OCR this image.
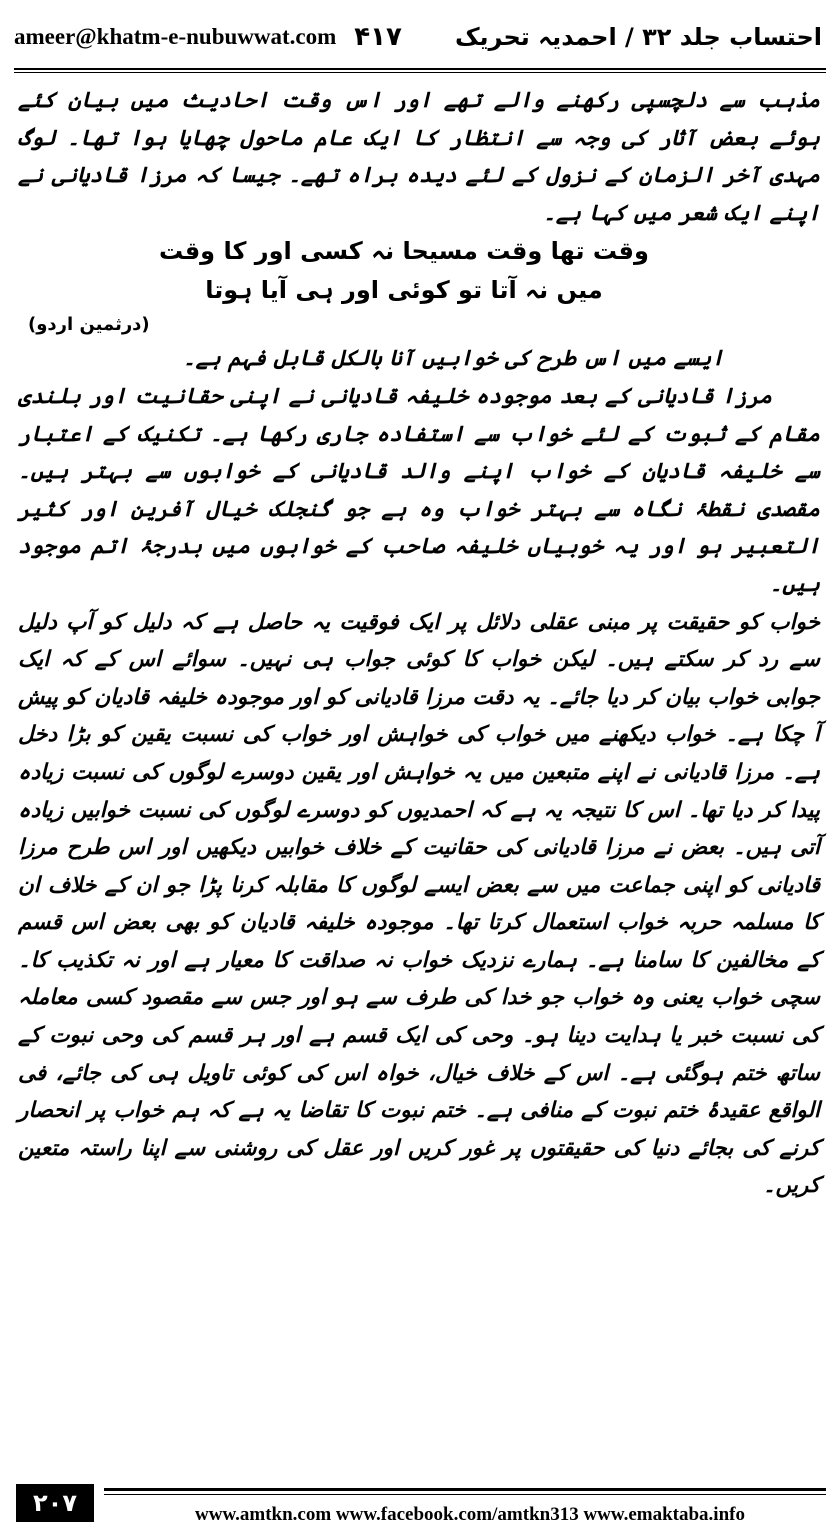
ameer@khatm-e-nubuwwat.com ۴۱۷ احتساب جلد ۳۲ / احمدیہ تحریک

مذہب سے دلچسپی رکھنے والے تھے اور اس وقت احادیث میں بیان کئے ہوئے بعض آثار کی وجہ سے انتظار کا ایک عام ماحول چھایا ہوا تھا۔ لوگ مہدی آخر الزمان کے نزول کے لئے دیدہ براہ تھے۔ جیسا کہ مرزا قادیانی نے اپنے ایک شعر میں کہا ہے۔

وقت تھا وقت مسیحا نہ کسی اور کا وقت

میں نہ آتا تو کوئی اور ہی آیا ہوتا

(درثمین اردو)

ایسے میں اس طرح کی خوابیں آنا بالکل قابل فہم ہے۔

مرزا قادیانی کے بعد موجودہ خلیفہ قادیانی نے اپنی حقانیت اور بلندی مقام کے ثبوت کے لئے خواب سے استفادہ جاری رکھا ہے۔ تکنیک کے اعتبار سے خلیفہ قادیان کے خواب اپنے والد قادیانی کے خوابوں سے بہتر ہیں۔ مقصدی نقطۂ نگاہ سے بہتر خواب وہ ہے جو گنجلک خیال آفرین اور کثیر التعبیر ہو اور یہ خوبیاں خلیفہ صاحب کے خوابوں میں بدرجۂ اتم موجود ہیں۔

خواب کو حقیقت پر مبنی عقلی دلائل پر ایک فوقیت یہ حاصل ہے کہ دلیل کو آپ دلیل سے رد کر سکتے ہیں۔ لیکن خواب کا کوئی جواب ہی نہیں۔ سوائے اس کے کہ ایک جوابی خواب بیان کر دیا جائے۔ یہ دقت مرزا قادیانی کو اور موجودہ خلیفہ قادیان کو پیش آ چکا ہے۔ خواب دیکھنے میں خواب کی خواہش اور خواب کی نسبت یقین کو بڑا دخل ہے۔ مرزا قادیانی نے اپنے متبعین میں یہ خواہش اور یقین دوسرے لوگوں کی نسبت زیادہ پیدا کر دیا تھا۔ اس کا نتیجہ یہ ہے کہ احمدیوں کو دوسرے لوگوں کی نسبت خوابیں زیادہ آتی ہیں۔ بعض نے مرزا قادیانی کی حقانیت کے خلاف خوابیں دیکھیں اور اس طرح مرزا قادیانی کو اپنی جماعت میں سے بعض ایسے لوگوں کا مقابلہ کرنا پڑا جو ان کے خلاف ان کا مسلمہ حربہ خواب استعمال کرتا تھا۔ موجودہ خلیفہ قادیان کو بھی بعض اس قسم کے مخالفین کا سامنا ہے۔ ہمارے نزدیک خواب نہ صداقت کا معیار ہے اور نہ تکذیب کا۔ سچی خواب یعنی وہ خواب جو خدا کی طرف سے ہو اور جس سے مقصود کسی معاملہ کی نسبت خبر یا ہدایت دینا ہو۔ وحی کی ایک قسم ہے اور ہر قسم کی وحی نبوت کے ساتھ ختم ہوگئی ہے۔ اس کے خلاف خیال، خواہ اس کی کوئی تاویل ہی کی جائے، فی الواقع عقیدۂ ختم نبوت کے منافی ہے۔ ختم نبوت کا تقاضا یہ ہے کہ ہم خواب پر انحصار کرنے کی بجائے دنیا کی حقیقتوں پر غور کریں اور عقل کی روشنی سے اپنا راستہ متعین کریں۔

۲۰۷	www.amtkn.com www.facebook.com/amtkn313 www.emaktaba.info
